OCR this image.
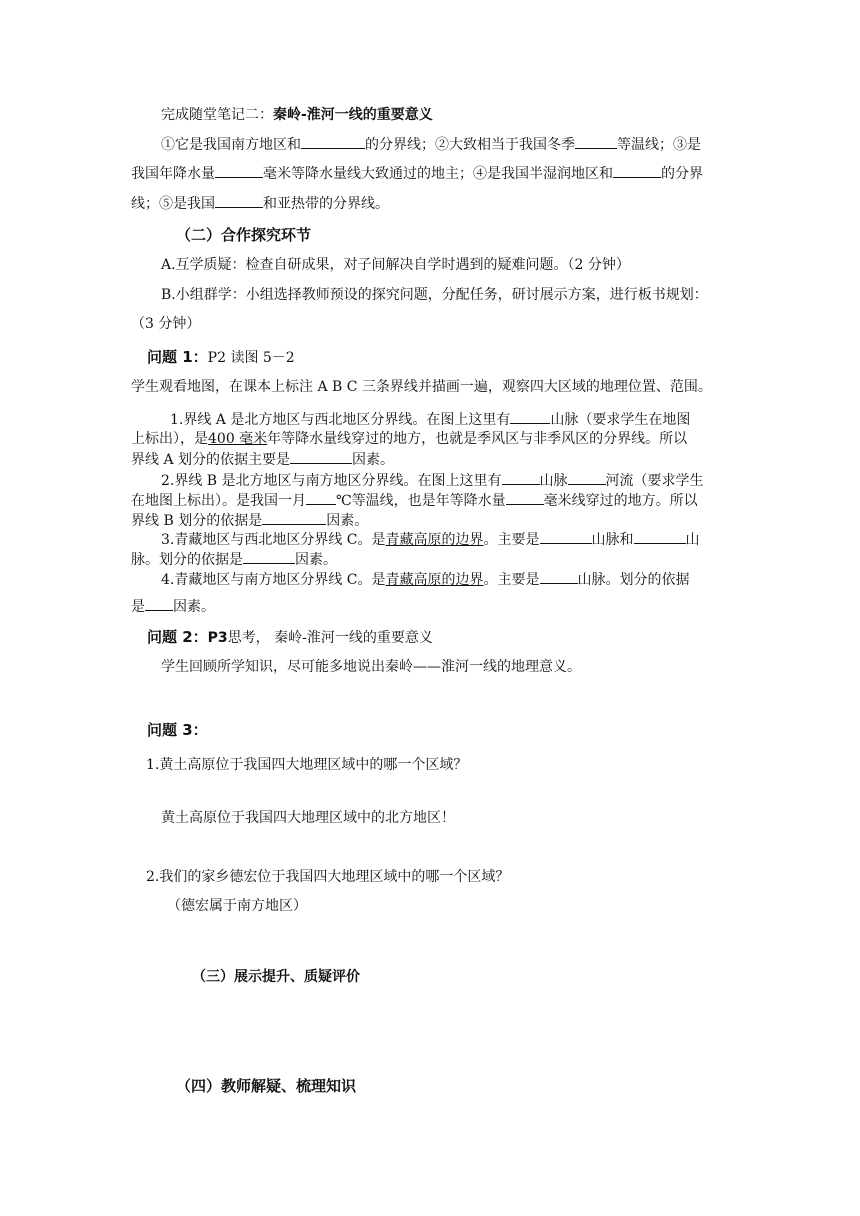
完成随堂笔记二：秦岭-淮河一线的重要意义
①它是我国南方地区和	的分界线；②大致相当于我国冬季	等温线；③是
我国年降水量	毫米等降水量线大致通过的地主；④是我国半湿润地区和	的分界
线；⑤是我国	和亚热带的分界线。
（二）合作探究环节
A.互学质疑：检查自研成果，对子间解决自学时遇到的疑难问题。（2 分钟）
B.小组群学：小组选择教师预设的探究问题，分配任务，研讨展示方案，进行板书规划：
（3 分钟）
问题 1：P2 读图 5－2
学生观看地图，在课本上标注 A B C 三条界线并描画一遍，观察四大区域的地理位置、范围。
1.界线 A 是北方地区与西北地区分界线。在图上这里有	山脉（要求学生在地图
上标出），是400 毫米年等降水量线穿过的地方，也就是季风区与非季风区的分界线。所以
界线 A 划分的依据主要是	因素。
2.界线 B 是北方地区与南方地区分界线。在图上这里有	山脉	河流（要求学生
在地图上标出）。是我国一月 ℃等温线，也是年等降水量	毫米线穿过的地方。所以
界线 B 划分的依据是	因素。
3.青藏地区与西北地区分界线 C。是青藏高原的边界。主要是	山脉和	山
脉。划分的依据是	因素。
4.青藏地区与南方地区分界线 C。是青藏高原的边界。主要是	山脉。划分的依据
是 因素。
问题 2：P3思考， 秦岭-淮河一线的重要意义
学生回顾所学知识，尽可能多地说出秦岭——淮河一线的地理意义。
问题 3：
1.黄土高原位于我国四大地理区域中的哪一个区域？
黄土高原位于我国四大地理区域中的北方地区！
2.我们的家乡德宏位于我国四大地理区域中的哪一个区域？
（德宏属于南方地区）
（三）展示提升、质疑评价
（四）教师解疑、梳理知识
